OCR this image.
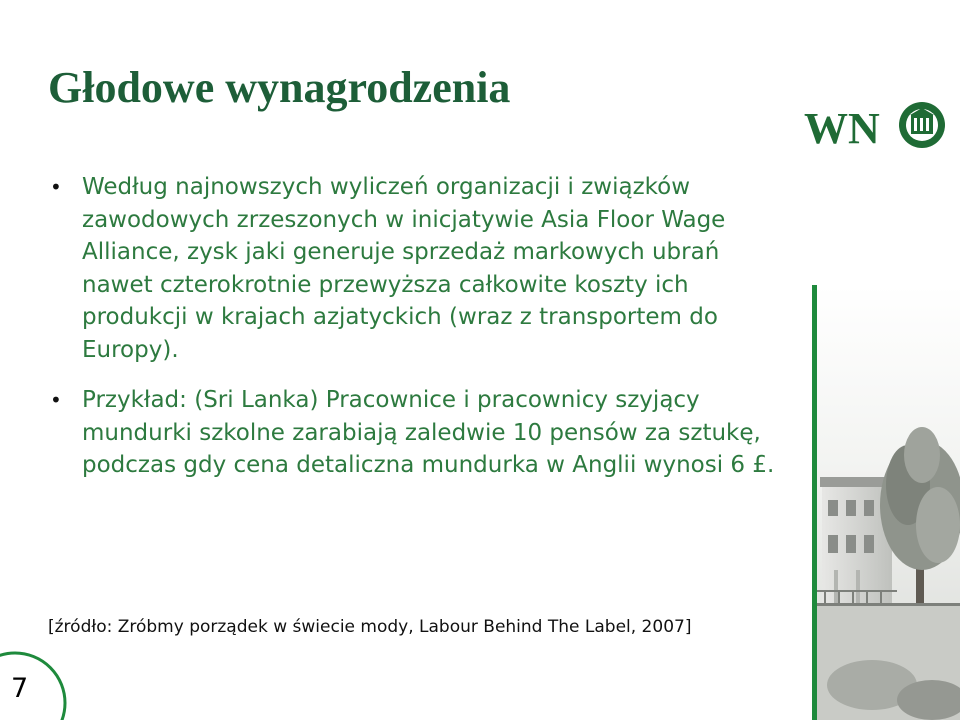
Głodowe wynagrodzenia
• Według najnowszych wyliczeń organizacji i związków zawodowych zrzeszonych w inicjatywie Asia Floor Wage Alliance, zysk jaki generuje sprzedaż markowych ubrań nawet czterokrotnie przewyższa całkowite koszty ich produkcji w krajach azjatyckich (wraz z transportem do Europy).
• Przykład: (Sri Lanka) Pracownice i pracownicy szyjący mundurki szkolne zarabiają zaledwie 10 pensów za sztukę, podczas gdy cena detaliczna mundurka w Anglii wynosi 6 £.
[źródło: Zróbmy porządek w świecie mody, Labour Behind The Label, 2007]
WN
7
